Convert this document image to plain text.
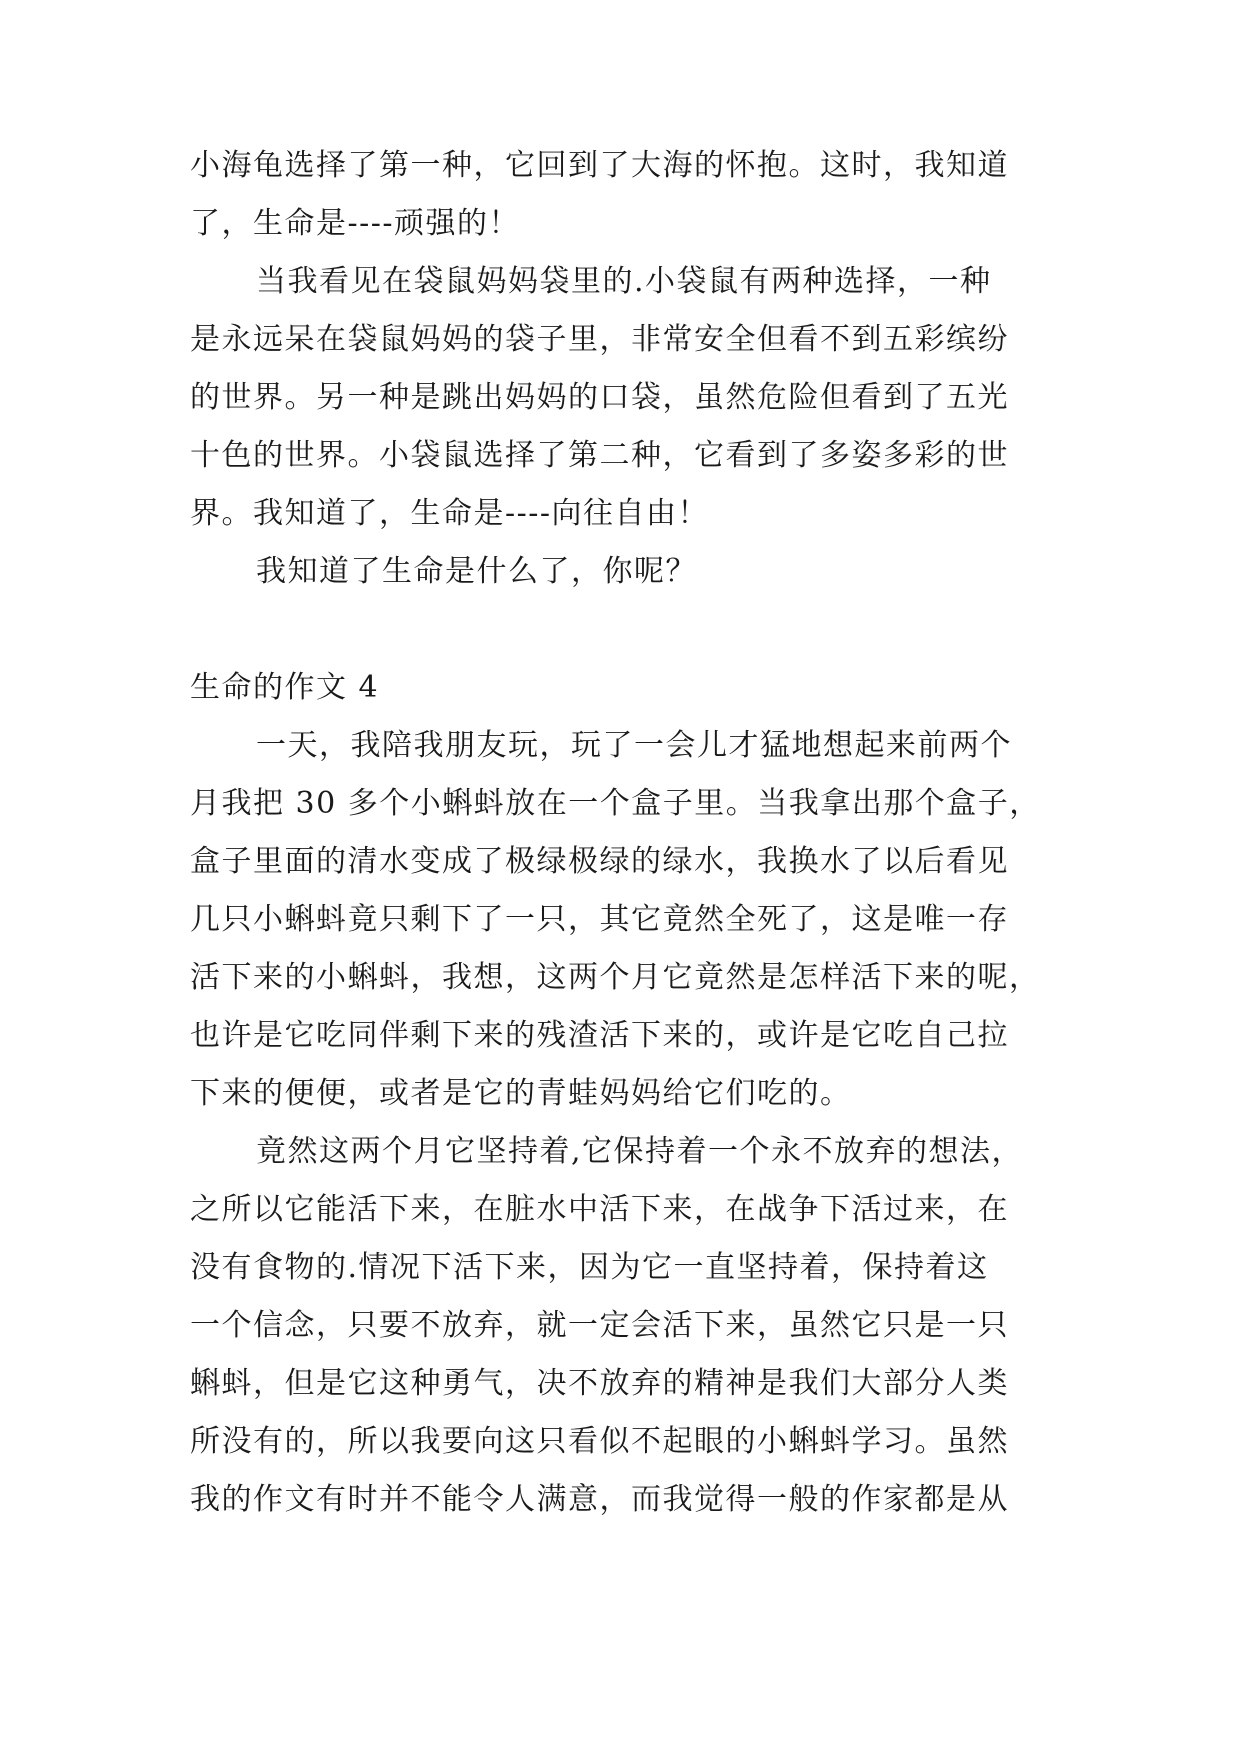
小海龟选择了第一种，它回到了大海的怀抱。这时，我知道
了，生命是----顽强的！
当我看见在袋鼠妈妈袋里的.小袋鼠有两种选择，一种
是永远呆在袋鼠妈妈的袋子里，非常安全但看不到五彩缤纷
的世界。另一种是跳出妈妈的口袋，虽然危险但看到了五光
十色的世界。小袋鼠选择了第二种，它看到了多姿多彩的世
界。我知道了，生命是----向往自由！
我知道了生命是什么了，你呢？
生命的作文 4
一天，我陪我朋友玩，玩了一会儿才猛地想起来前两个
月我把 30 多个小蝌蚪放在一个盒子里。当我拿出那个盒子，
盒子里面的清水变成了极绿极绿的绿水，我换水了以后看见
几只小蝌蚪竟只剩下了一只，其它竟然全死了，这是唯一存
活下来的小蝌蚪，我想，这两个月它竟然是怎样活下来的呢，
也许是它吃同伴剩下来的残渣活下来的，或许是它吃自己拉
下来的便便，或者是它的青蛙妈妈给它们吃的。
竟然这两个月它坚持着,它保持着一个永不放弃的想法，
之所以它能活下来，在脏水中活下来，在战争下活过来，在
没有食物的.情况下活下来，因为它一直坚持着，保持着这
一个信念，只要不放弃，就一定会活下来，虽然它只是一只
蝌蚪，但是它这种勇气，决不放弃的精神是我们大部分人类
所没有的，所以我要向这只看似不起眼的小蝌蚪学习。虽然
我的作文有时并不能令人满意，而我觉得一般的作家都是从
